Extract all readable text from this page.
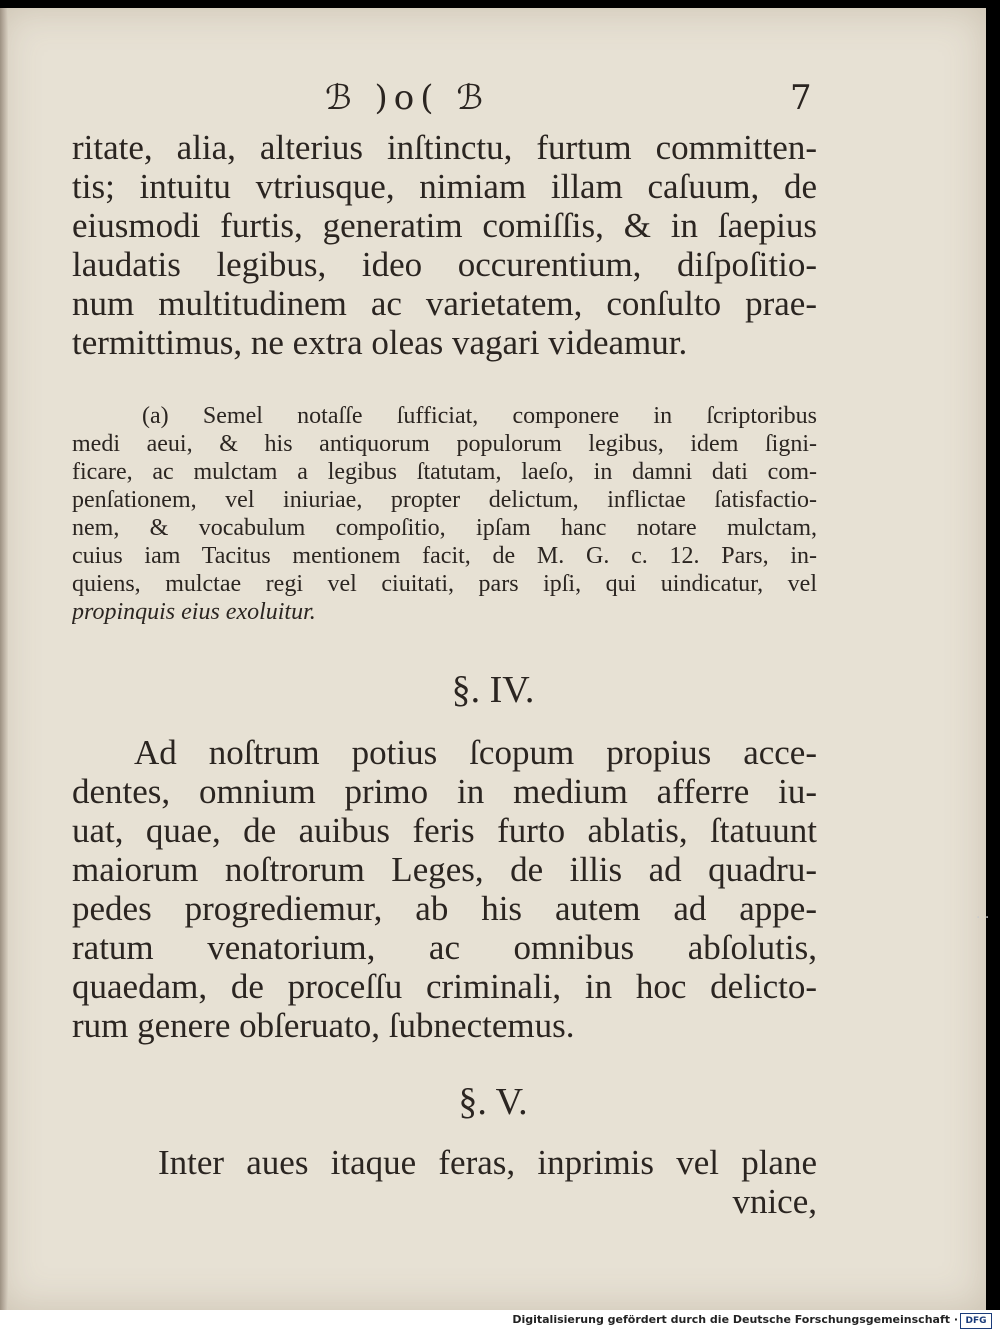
ℬ )o( ℬ	7
ritate, alia, alterius inſtinctu, furtum committen-
tis; intuitu vtriusque, nimiam illam caſuum, de
eiusmodi furtis, generatim comiſſis, & in ſaepius
laudatis legibus, ideo occurentium, diſpoſitio-
num multitudinem ac varietatem, conſulto prae-
termittimus, ne extra oleas vagari videamur.
(a) Semel notaſſe ſufficiat, componere in ſcriptoribus
medi aeui, & his antiquorum populorum legibus, idem ſigni-
ficare, ac mulctam a legibus ſtatutam, laeſo, in damni dati com-
penſationem, vel iniuriae, propter delictum, inflictae ſatisfactio-
nem, & vocabulum compoſitio, ipſam hanc notare mulctam,
cuius iam Tacitus mentionem facit, de M. G. c. 12. Pars, in-
quiens, mulctae regi vel ciuitati, pars ipſi, qui uindicatur, vel
propinquis eius exoluitur.
§. IV.
Ad noſtrum potius ſcopum propius acce-
dentes, omnium primo in medium afferre iu-
uat, quae, de auibus feris furto ablatis, ſtatuunt
maiorum noſtrorum Leges, de illis ad quadru-
pedes progrediemur, ab his autem ad appe-
ratum venatorium, ac omnibus abſolutis,
quaedam, de proceſſu criminali, in hoc delicto-
rum genere obſeruato, ſubnectemus.
§. V.
Inter aues itaque feras, inprimis vel plane
vnice,
· ·
Digitalisierung gefördert durch die Deutsche Forschungsgemeinschaft · DFG
